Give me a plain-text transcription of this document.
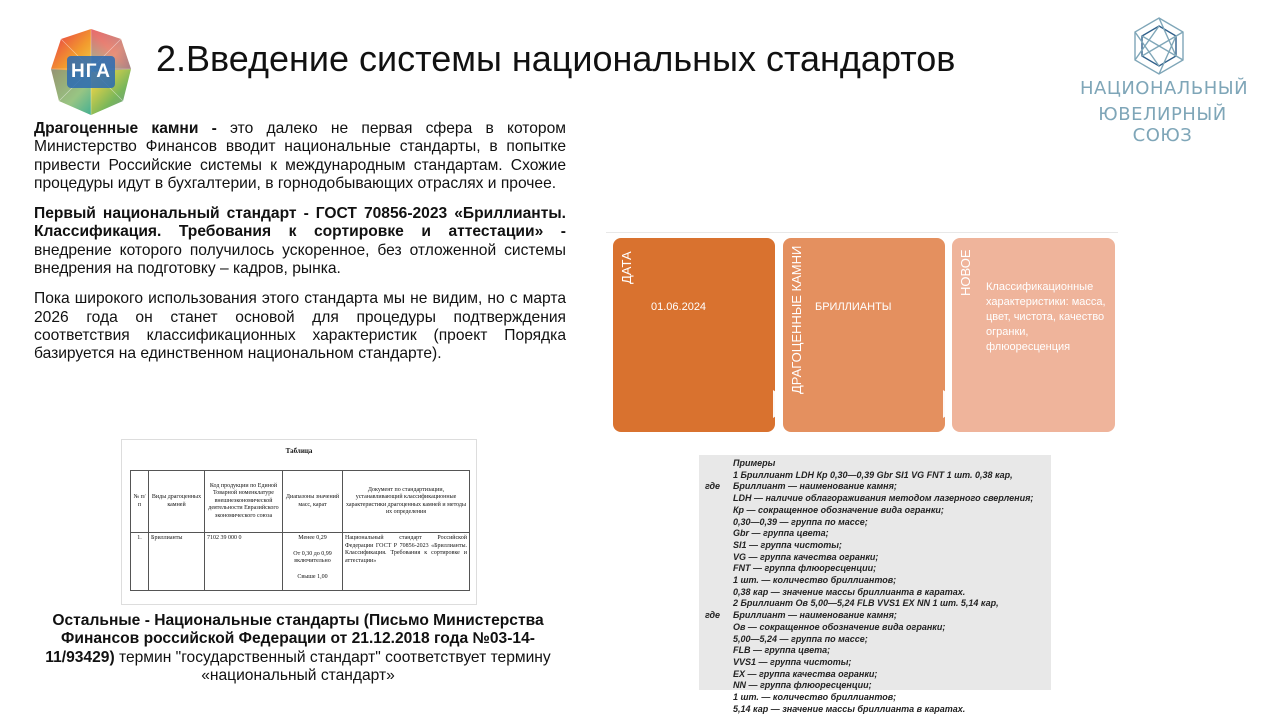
НГА	2.Введение системы национальных стандартов
НАЦИОНАЛЬНЫЙ
ЮВЕЛИРНЫЙ СОЮЗ

Драгоценные камни - это далеко не первая сфера в котором Министерство Финансов вводит национальные стандарты, в попытке привести Российские системы к международным стандартам. Схожие процедуры идут в бухгалтерии, в горнодобывающих отраслях и прочее.

Первый национальный стандарт - ГОСТ 70856-2023 «Бриллианты. Классификация. Требования к сортировке и аттестации» - внедрение которого получилось ускоренное, без отложенной системы внедрения на подготовку – кадров, рынка.

Пока широкого использования этого стандарта мы не видим, но с марта 2026 года он станет основой для процедуры подтверждения соответствия классификационных характеристик (проект Порядка базируется на единственном национальном стандарте).

Таблица
№ п/п	Виды драгоценных камней	Код продукции по Единой Товарной номенклатуре внешнеэкономической деятельности Евразийского экономического союза	Диапазоны значений масс, карат	Документ по стандартизации, устанавливающий классификационные характеристики драгоценных камней и методы их определения
1.	Бриллианты	7102 39 000 0	Менее 0,29
От 0,30 до 0,99 включительно
Свыше 1,00	Национальный стандарт Российской Федерации ГОСТ Р 70856-2023 «Бриллианты. Классификация. Требования к сортировке и аттестации»
Остальные - Национальные стандарты (Письмо Министерства Финансов российской Федерации от 21.12.2018 года №03-14-11/93429) термин "государственный стандарт" соответствует термину «национальный стандарт»
ДАТА
01.06.2024	ДРАГОЦЕННЫЕ КАМНИ	БРИЛЛИАНТЫ
НОВОЕ	Классификационные характеристики: масса, цвет, чистота, качество огранки, флюоресценция
Примеры
1 Бриллиант LDH Кр 0,30—0,39 Gbr SI1 VG FNT 1 шт. 0,38 кар,
Бриллиант — наименование камня;
LDH — наличие облагораживания методом лазерного сверления;
Кр — сокращенное обозначение вида огранки;
0,30—0,39 — группа по массе;
Gbr — группа цвета;
SI1 — группа чистоты;
VG — группа качества огранки;
FNT — группа флюоресценции;
1 шт. — количество бриллиантов;
0,38 кар — значение массы бриллианта в каратах.
2 Бриллиант Ов 5,00—5,24 FLB VVS1 EX NN 1 шт. 5,14 кар,
Бриллиант — наименование камня;
Ов — сокращенное обозначение вида огранки;
5,00—5,24 — группа по массе;
FLB — группа цвета;
VVS1 — группа чистоты;
EX — группа качества огранки;
NN — группа флюоресценции;
1 шт. — количество бриллиантов;
5,14 кар — значение массы бриллианта в каратах.
где
где
